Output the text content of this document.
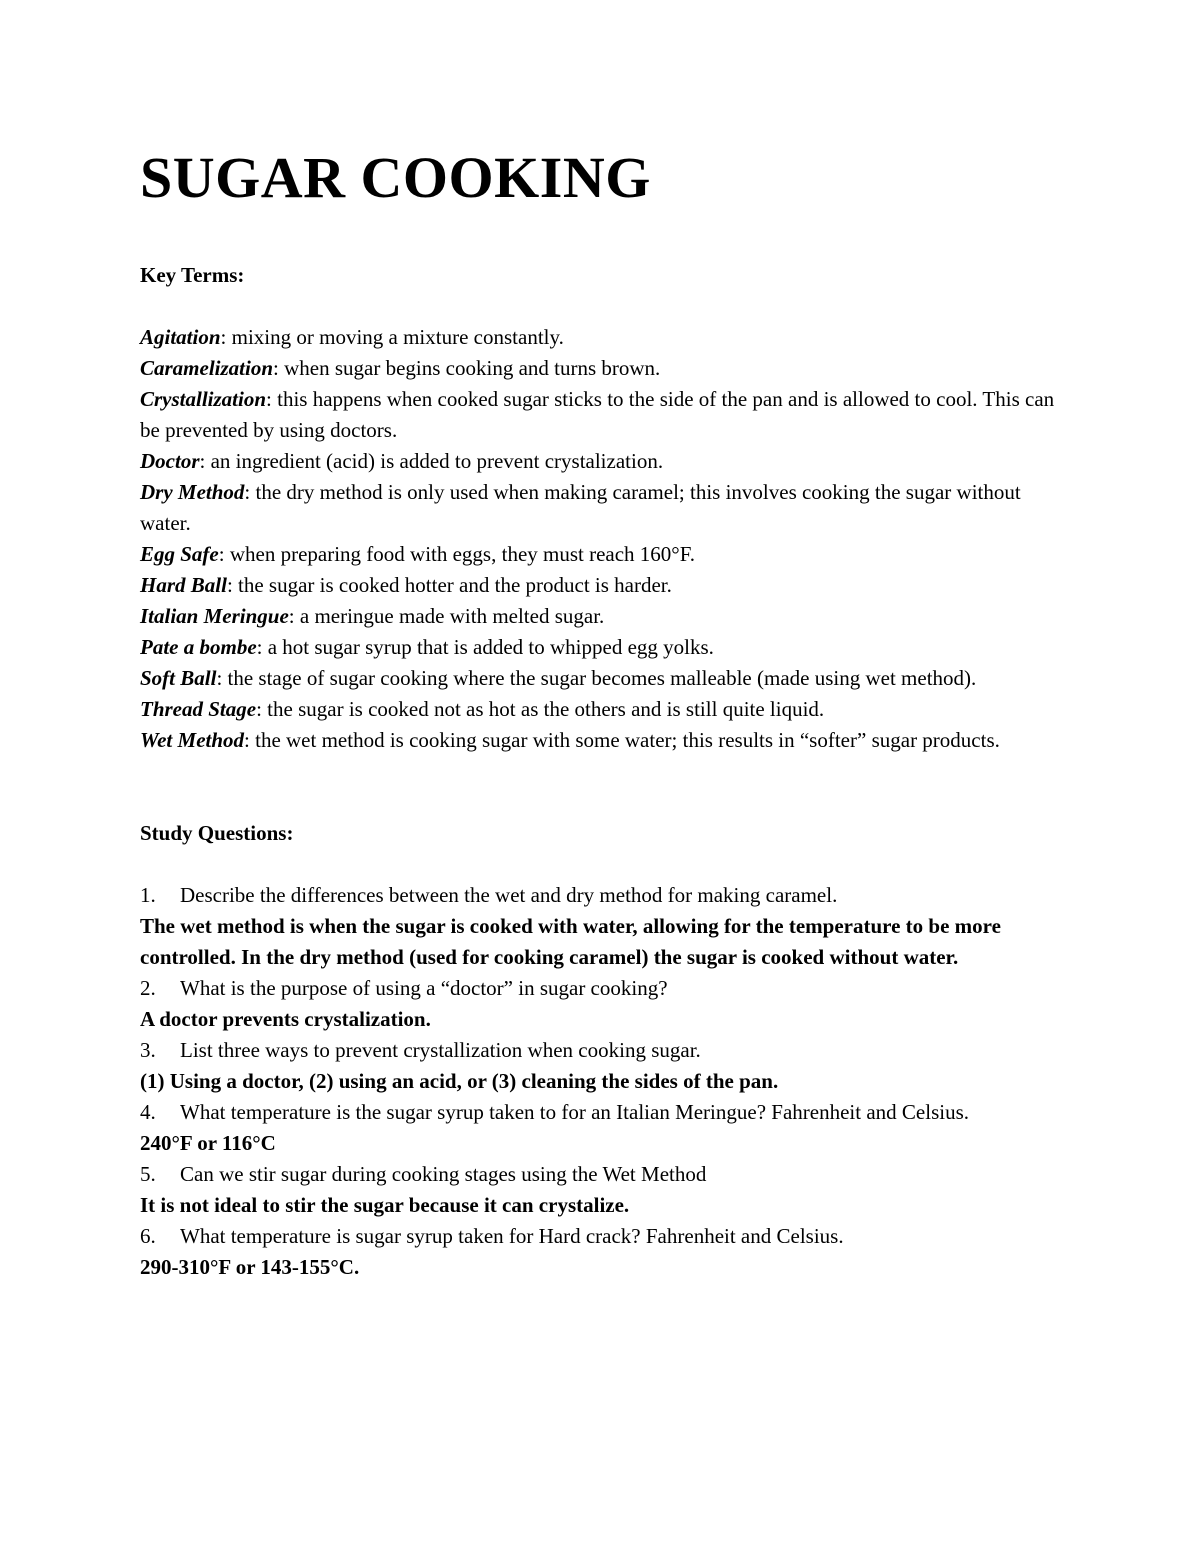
SUGAR COOKING
Key Terms:

Agitation: mixing or moving a mixture constantly.

Caramelization: when sugar begins cooking and turns brown.

Crystallization: this happens when cooked sugar sticks to the side of the pan and is allowed to cool. This can be prevented by using doctors.

Doctor: an ingredient (acid) is added to prevent crystalization.

Dry Method: the dry method is only used when making caramel; this involves cooking the sugar without water.

Egg Safe: when preparing food with eggs, they must reach 160°F.

Hard Ball: the sugar is cooked hotter and the product is harder.

Italian Meringue: a meringue made with melted sugar.

Pate a bombe: a hot sugar syrup that is added to whipped egg yolks.

Soft Ball: the stage of sugar cooking where the sugar becomes malleable (made using wet method).

Thread Stage: the sugar is cooked not as hot as the others and is still quite liquid.

Wet Method: the wet method is cooking sugar with some water; this results in “softer” sugar products.

Study Questions:

1. Describe the differences between the wet and dry method for making caramel.

The wet method is when the sugar is cooked with water, allowing for the temperature to be more controlled. In the dry method (used for cooking caramel) the sugar is cooked without water.

2. What is the purpose of using a “doctor” in sugar cooking?

A doctor prevents crystalization.

3. List three ways to prevent crystallization when cooking sugar.

(1) Using a doctor, (2) using an acid, or (3) cleaning the sides of the pan.

4. What temperature is the sugar syrup taken to for an Italian Meringue? Fahrenheit and Celsius.

240°F or 116°C

5. Can we stir sugar during cooking stages using the Wet Method

It is not ideal to stir the sugar because it can crystalize.

6. What temperature is sugar syrup taken for Hard crack? Fahrenheit and Celsius.

290-310°F or 143-155°C.
